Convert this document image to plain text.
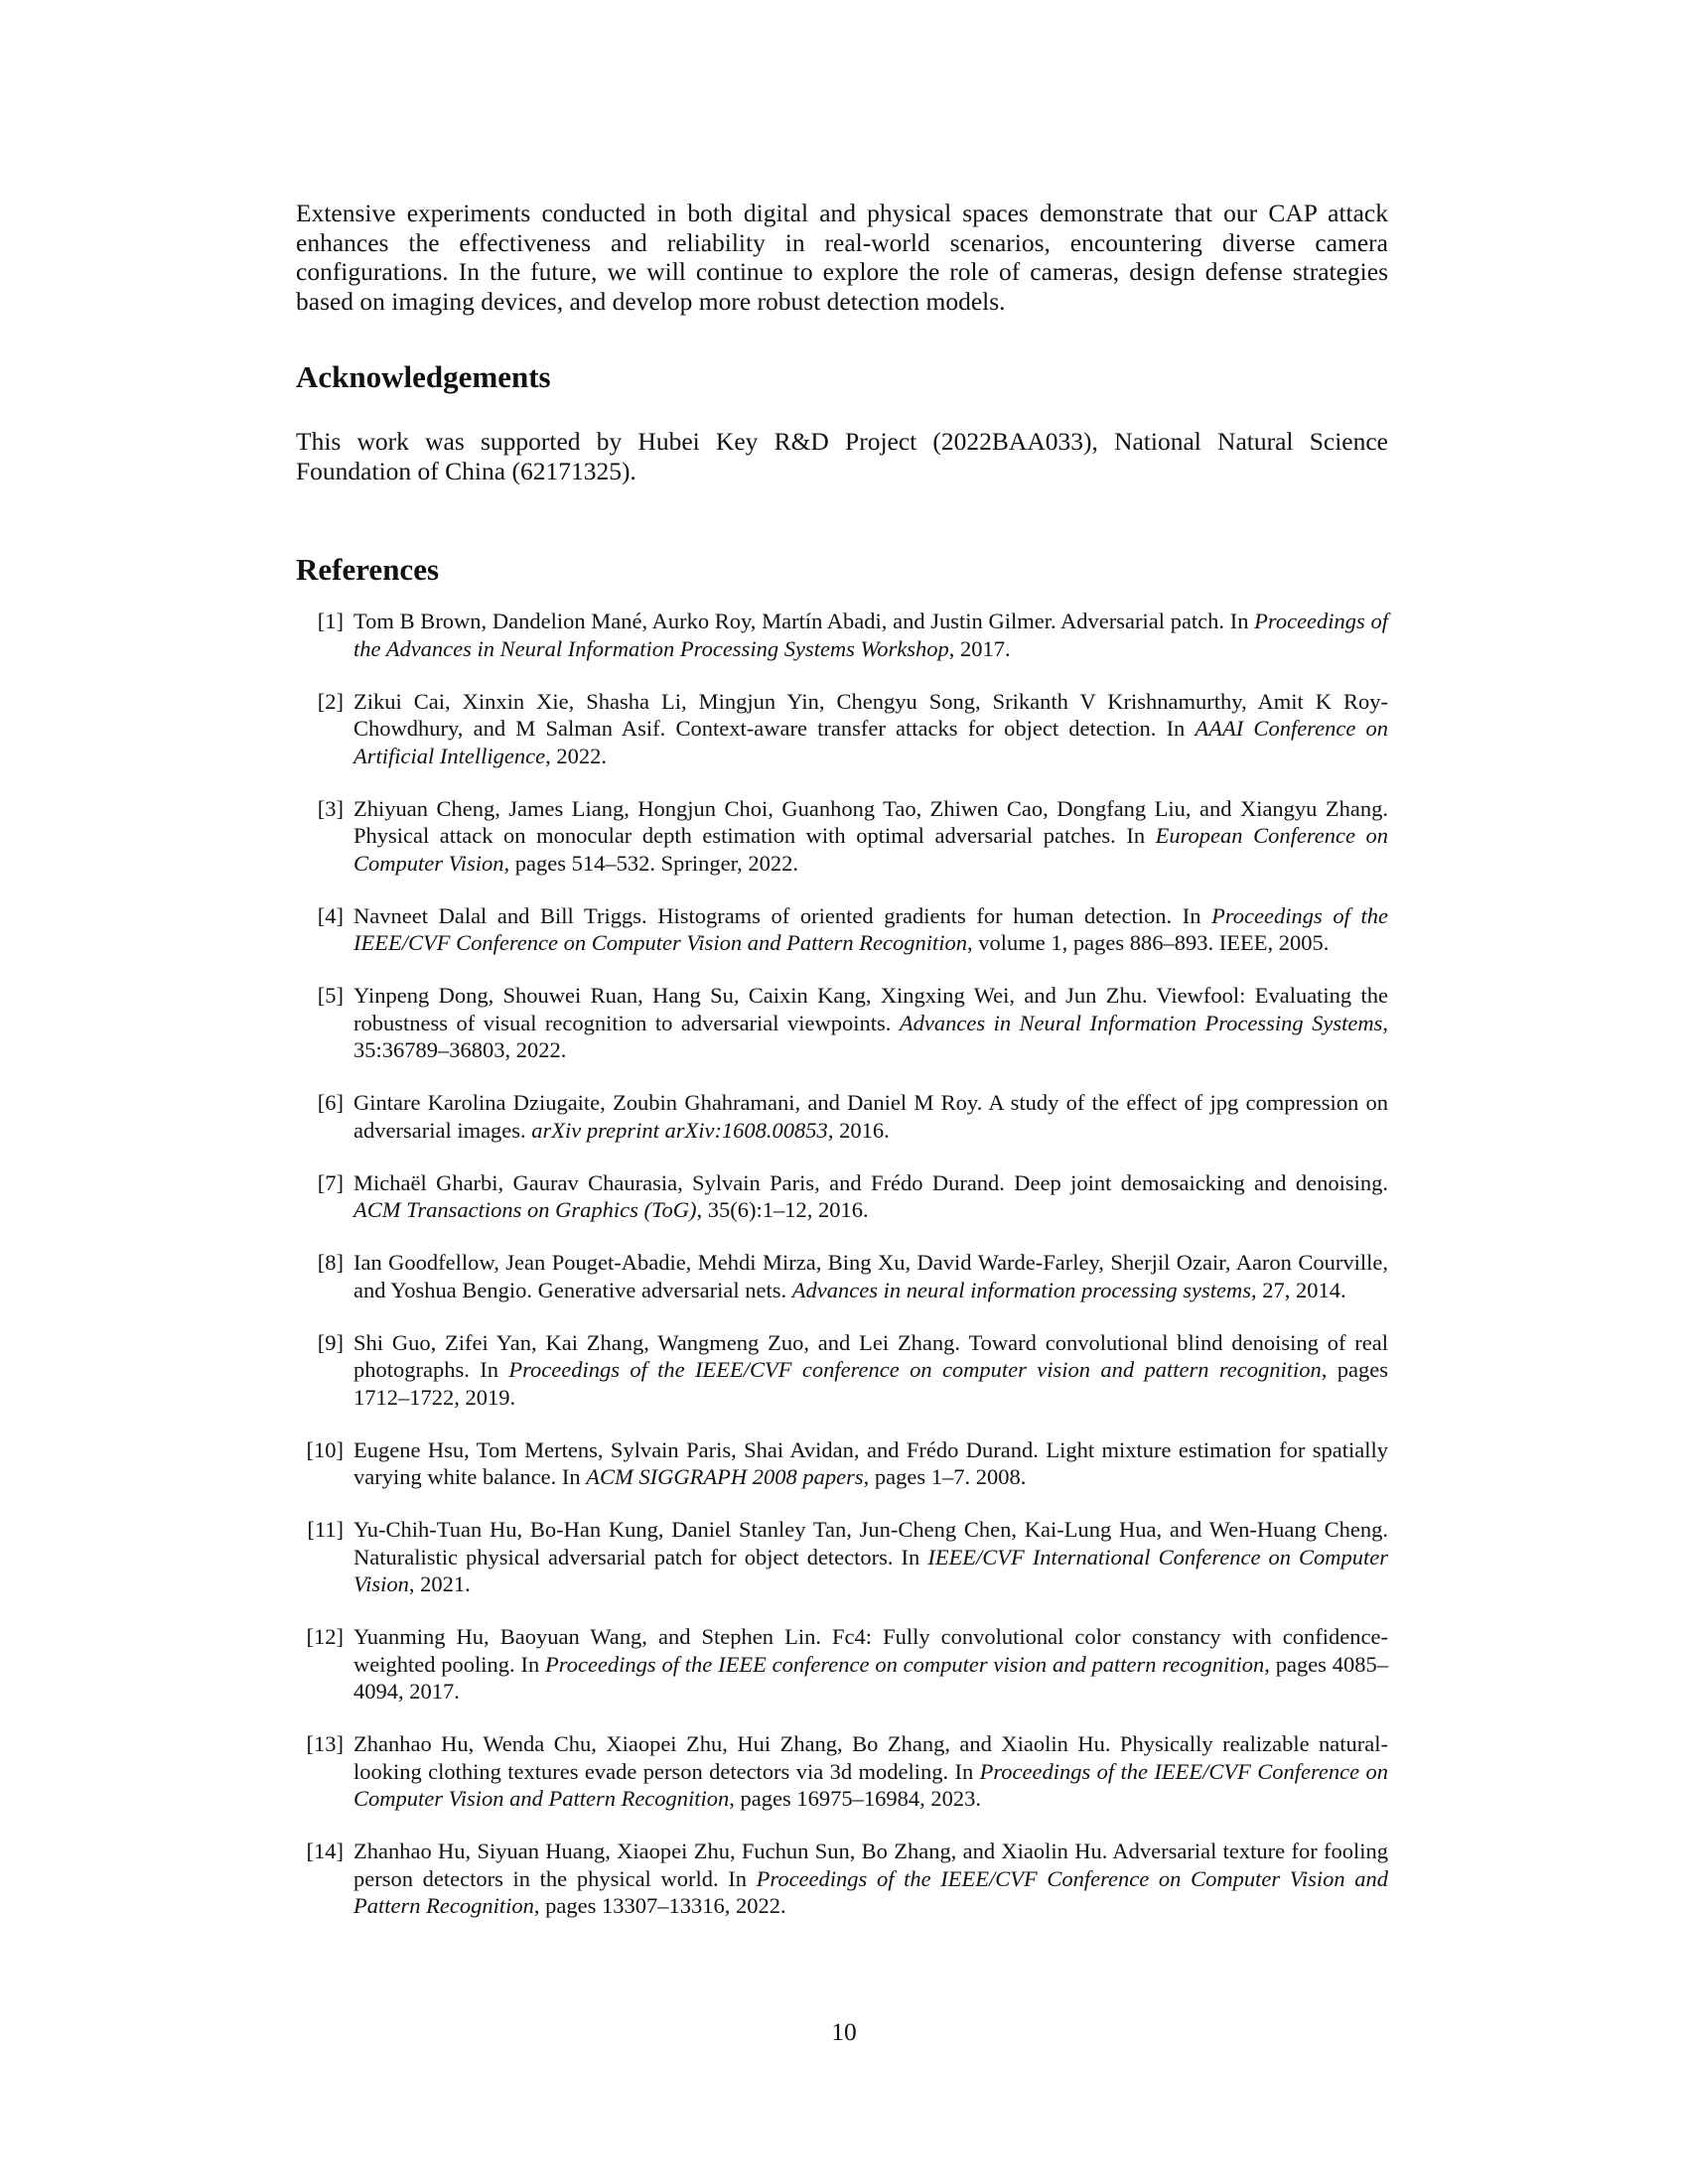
Extensive experiments conducted in both digital and physical spaces demonstrate that our CAP attack enhances the effectiveness and reliability in real-world scenarios, encountering diverse camera configurations. In the future, we will continue to explore the role of cameras, design defense strategies based on imaging devices, and develop more robust detection models.

Acknowledgements

This work was supported by Hubei Key R&D Project (2022BAA033), National Natural Science Foundation of China (62171325).

References
[1] Tom B Brown, Dandelion Mané, Aurko Roy, Martín Abadi, and Justin Gilmer. Adversarial patch. In Proceedings of the Advances in Neural Information Processing Systems Workshop, 2017.
[2] Zikui Cai, Xinxin Xie, Shasha Li, Mingjun Yin, Chengyu Song, Srikanth V Krishnamurthy, Amit K Roy-Chowdhury, and M Salman Asif. Context-aware transfer attacks for object detection. In AAAI Conference on Artificial Intelligence, 2022.
[3] Zhiyuan Cheng, James Liang, Hongjun Choi, Guanhong Tao, Zhiwen Cao, Dongfang Liu, and Xiangyu Zhang. Physical attack on monocular depth estimation with optimal adversarial patches. In European Conference on Computer Vision, pages 514–532. Springer, 2022.
[4] Navneet Dalal and Bill Triggs. Histograms of oriented gradients for human detection. In Proceedings of the IEEE/CVF Conference on Computer Vision and Pattern Recognition, volume 1, pages 886–893. IEEE, 2005.
[5] Yinpeng Dong, Shouwei Ruan, Hang Su, Caixin Kang, Xingxing Wei, and Jun Zhu. Viewfool: Evaluating the robustness of visual recognition to adversarial viewpoints. Advances in Neural Information Processing Systems, 35:36789–36803, 2022.
[6] Gintare Karolina Dziugaite, Zoubin Ghahramani, and Daniel M Roy. A study of the effect of jpg compression on adversarial images. arXiv preprint arXiv:1608.00853, 2016.
[7] Michaël Gharbi, Gaurav Chaurasia, Sylvain Paris, and Frédo Durand. Deep joint demosaicking and denoising. ACM Transactions on Graphics (ToG), 35(6):1–12, 2016.
[8] Ian Goodfellow, Jean Pouget-Abadie, Mehdi Mirza, Bing Xu, David Warde-Farley, Sherjil Ozair, Aaron Courville, and Yoshua Bengio. Generative adversarial nets. Advances in neural information processing systems, 27, 2014.
[9] Shi Guo, Zifei Yan, Kai Zhang, Wangmeng Zuo, and Lei Zhang. Toward convolutional blind denoising of real photographs. In Proceedings of the IEEE/CVF conference on computer vision and pattern recognition, pages 1712–1722, 2019.
[10] Eugene Hsu, Tom Mertens, Sylvain Paris, Shai Avidan, and Frédo Durand. Light mixture estimation for spatially varying white balance. In ACM SIGGRAPH 2008 papers, pages 1–7. 2008.
[11] Yu-Chih-Tuan Hu, Bo-Han Kung, Daniel Stanley Tan, Jun-Cheng Chen, Kai-Lung Hua, and Wen-Huang Cheng. Naturalistic physical adversarial patch for object detectors. In IEEE/CVF International Conference on Computer Vision, 2021.
[12] Yuanming Hu, Baoyuan Wang, and Stephen Lin. Fc4: Fully convolutional color constancy with confidence-weighted pooling. In Proceedings of the IEEE conference on computer vision and pattern recognition, pages 4085–4094, 2017.
[13] Zhanhao Hu, Wenda Chu, Xiaopei Zhu, Hui Zhang, Bo Zhang, and Xiaolin Hu. Physically realizable natural-looking clothing textures evade person detectors via 3d modeling. In Proceedings of the IEEE/CVF Conference on Computer Vision and Pattern Recognition, pages 16975–16984, 2023.
[14] Zhanhao Hu, Siyuan Huang, Xiaopei Zhu, Fuchun Sun, Bo Zhang, and Xiaolin Hu. Adversarial texture for fooling person detectors in the physical world. In Proceedings of the IEEE/CVF Conference on Computer Vision and Pattern Recognition, pages 13307–13316, 2022.
10
